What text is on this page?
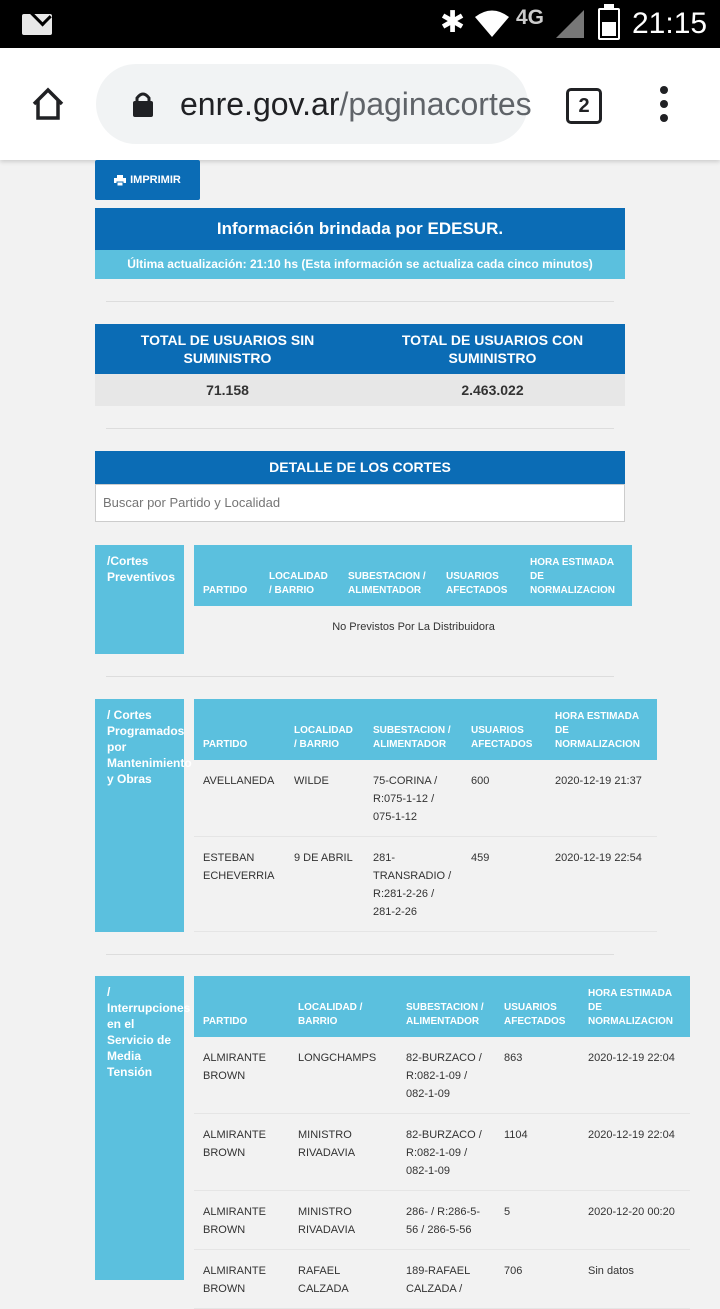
✱ 4G	21:15
enre.gov.ar/paginacortes	2
IMPRIMIR
Información brindada por EDESUR.
Última actualización: 21:10 hs (Esta información se actualiza cada cinco minutos)
TOTAL DE USUARIOS SIN SUMINISTRO
TOTAL DE USUARIOS CON SUMINISTRO
71.158	2.463.022
DETALLE DE LOS CORTES
Buscar por Partido y Localidad
/Cortes Preventivos
PARTIDO	LOCALIDAD / BARRIO	SUBESTACION / ALIMENTADOR	USUARIOS AFECTADOS	HORA ESTIMADA DE NORMALIZACION
No Previstos Por La Distribuidora
/ Cortes Programados por Mantenimiento y Obras
PARTIDO	LOCALIDAD / BARRIO	SUBESTACION / ALIMENTADOR	USUARIOS AFECTADOS	HORA ESTIMADA DE NORMALIZACION
AVELLANEDA	WILDE	75-CORINA / R:075-1-12 / 075-1-12	600	2020-12-19 21:37
ESTEBAN ECHEVERRIA	9 DE ABRIL	281-TRANSRADIO / R:281-2-26 / 281-2-26	459	2020-12-19 22:54
/ Interrupciones en el Servicio de Media Tensión
PARTIDO	LOCALIDAD / BARRIO	SUBESTACION / ALIMENTADOR	USUARIOS AFECTADOS	HORA ESTIMADA DE NORMALIZACION
ALMIRANTE BROWN	LONGCHAMPS	82-BURZACO / R:082-1-09 / 082-1-09	863	2020-12-19 22:04
ALMIRANTE BROWN	MINISTRO RIVADAVIA	82-BURZACO / R:082-1-09 / 082-1-09	1104	2020-12-19 22:04
ALMIRANTE BROWN	MINISTRO RIVADAVIA	286- / R:286-5-56 / 286-5-56	5	2020-12-20 00:20
ALMIRANTE BROWN	RAFAEL CALZADA	189-RAFAEL CALZADA /	706	Sin datos
